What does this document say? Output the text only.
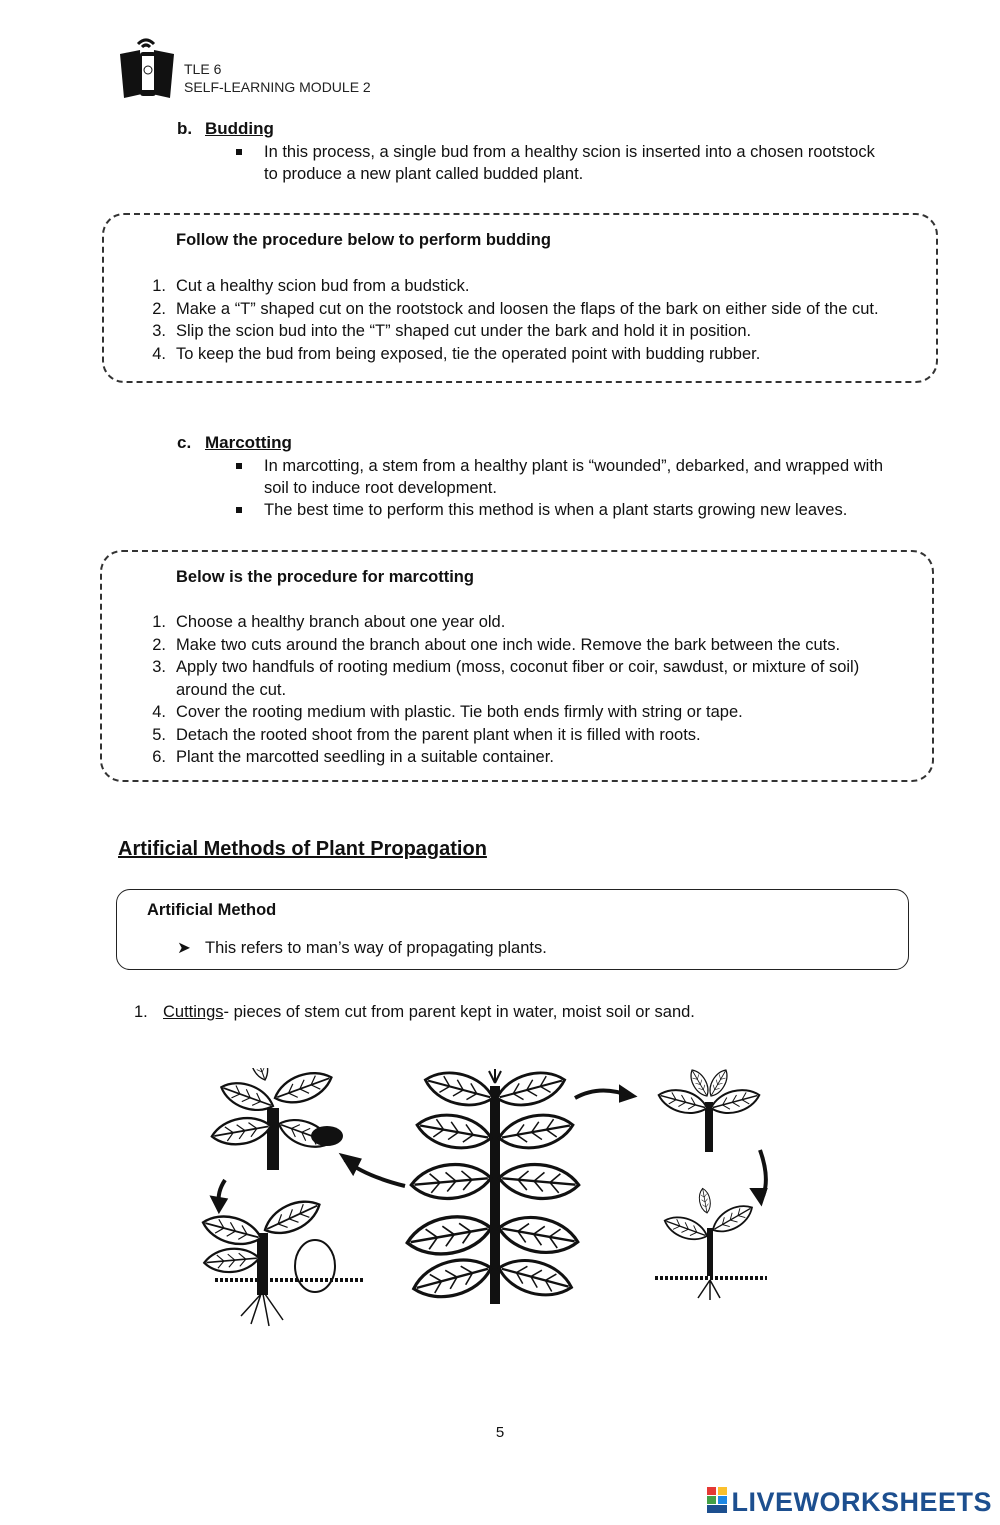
TLE 6
SELF-LEARNING MODULE 2
b. Budding
In this process, a single bud from a healthy scion is inserted into a chosen rootstock to produce a new plant called budded plant.
Follow the procedure below to perform budding
1. Cut a healthy scion bud from a budstick.
2. Make a “T” shaped cut on the rootstock and loosen the flaps of the bark on either side of the cut.
3. Slip the scion bud into the “T” shaped cut under the bark and hold it in position.
4. To keep the bud from being exposed, tie the operated point with budding rubber.
c. Marcotting
In marcotting, a stem from a healthy plant is “wounded”, debarked, and wrapped with soil to induce root development.
The best time to perform this method is when a plant starts growing new leaves.
Below is the procedure for marcotting
1. Choose a healthy branch about one year old.
2. Make two cuts around the branch about one inch wide. Remove the bark between the cuts.
3. Apply two handfuls of rooting medium (moss, coconut fiber or coir, sawdust, or mixture of soil) around the cut.
4. Cover the rooting medium with plastic. Tie both ends firmly with string or tape.
5. Detach the rooted shoot from the parent plant when it is filled with roots.
6. Plant the marcotted seedling in a suitable container.
Artificial Methods of Plant Propagation
Artificial Method
➤ This refers to man’s way of propagating plants.
1. Cuttings- pieces of stem cut from parent kept in water, moist soil or sand.
5
LIVEWORKSHEETS
